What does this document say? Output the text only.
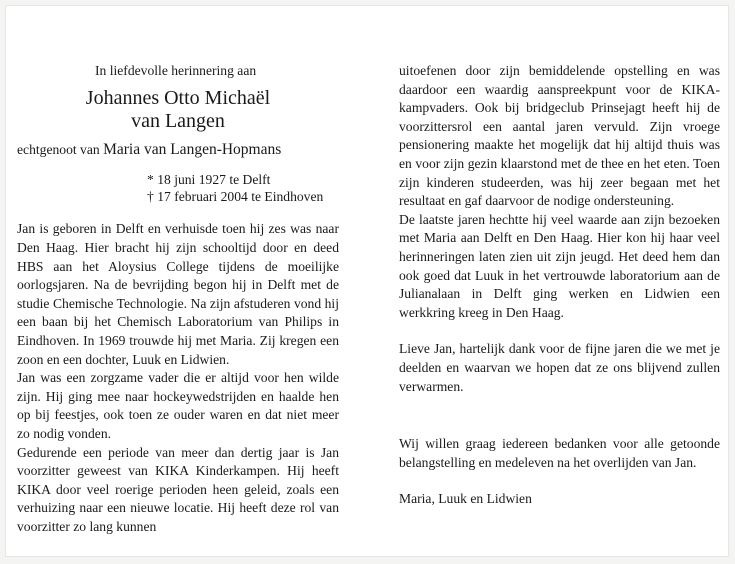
In liefdevolle herinnering aan
Johannes Otto Michaël
van Langen
echtgenoot van Maria van Langen-Hopmans
* 18 juni 1927 te Delft
† 17 februari 2004 te Eindhoven

Jan is geboren in Delft en verhuisde toen hij zes was naar Den Haag. Hier bracht hij zijn schooltijd door en deed HBS aan het Aloysius College tijdens de moeilijke oorlogsjaren. Na de bevrijding begon hij in Delft met de studie Chemische Technologie. Na zijn afstuderen vond hij een baan bij het Chemisch Laboratorium van Philips in Eindhoven. In 1969 trouwde hij met Maria. Zij kregen een zoon en een dochter, Luuk en Lidwien.

Jan was een zorgzame vader die er altijd voor hen wilde zijn. Hij ging mee naar hockeywedstrijden en haalde hen op bij feestjes, ook toen ze ouder waren en dat niet meer zo nodig vonden.

Gedurende een periode van meer dan dertig jaar is Jan voorzitter geweest van KIKA Kinderkampen. Hij heeft KIKA door veel roerige perioden heen geleid, zoals een verhuizing naar een nieuwe locatie. Hij heeft deze rol van voorzitter zo lang kunnen

uitoefenen door zijn bemiddelende opstelling en was daardoor een waardig aanspreekpunt voor de KIKA-kampvaders. Ook bij bridgeclub Prinsejagt heeft hij de voorzittersrol een aantal jaren vervuld. Zijn vroege pensionering maakte het mogelijk dat hij altijd thuis was en voor zijn gezin klaarstond met de thee en het eten. Toen zijn kinderen studeerden, was hij zeer begaan met het resultaat en gaf daarvoor de nodige ondersteuning.

De laatste jaren hechtte hij veel waarde aan zijn bezoeken met Maria aan Delft en Den Haag. Hier kon hij haar veel herinneringen laten zien uit zijn jeugd. Het deed hem dan ook goed dat Luuk in het vertrouwde laboratorium aan de Julianalaan in Delft ging werken en Lidwien een werkkring kreeg in Den Haag.

Lieve Jan, hartelijk dank voor de fijne jaren die we met je deelden en waarvan we hopen dat ze ons blijvend zullen verwarmen.

Wij willen graag iedereen bedanken voor alle getoonde belangstelling en medeleven na het overlijden van Jan.

Maria, Luuk en Lidwien
